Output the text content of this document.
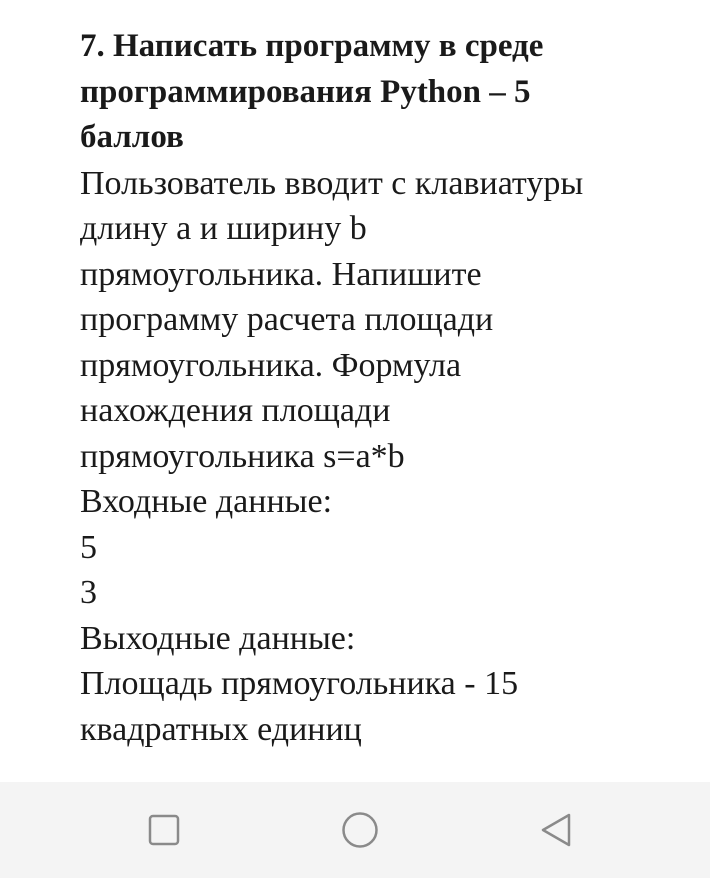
7. Написать программу в среде
программирования Python – 5
баллов
Пользователь вводит с клавиатуры
длину а и ширину b
прямоугольника. Напишите
программу расчета площади
прямоугольника. Формула
нахождения площади
прямоугольника s=a*b
Входные данные:
5
3
Выходные данные:
Площадь прямоугольника - 15
квадратных единиц
